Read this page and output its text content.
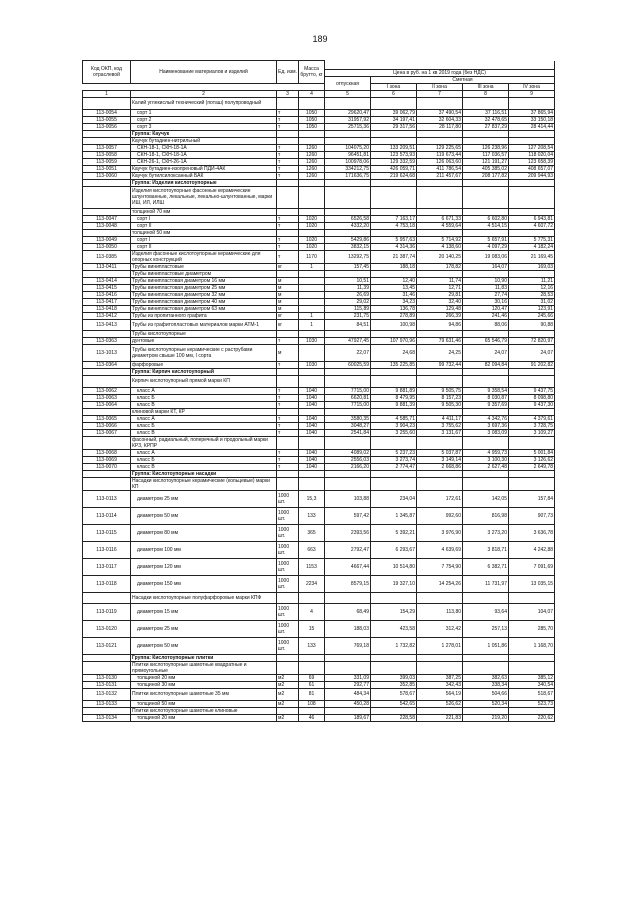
189
Код ОКП, код отраслевой	Наименование материалов и изделий	Ед. изм.	Масса брутто, кг					
				Цена в руб. на 1 кв 2019 года (без НДС)				
				отпускная	Сметная			
					I зона	II зона	III зона	IV зона
1	2	3	4	5	6	7	8	9
	Калий углекислый технический (поташ) полупроводный							
113-0054	сорт 1	т	1050	29620,47	39 062,79	37 490,54	37 116,51	37 865,94
113-0055	сорт 2	т	1050	31957,92	34 197,41	32 604,33	32 478,65	33 150,18
113-0056	сорт 3	т	1050	25715,36	29 317,56	28 117,80	27 837,29	28 414,44
	Группа: Каучук							
	Каучук бутадиен-нитрильный							
113-0057	СКН-18-1, СКН-18-1А	т	1260	104075,20	133 209,51	129 225,65	126 238,96	127 208,54
113-0058	СКН-18-1, СКН-18-1А	т	1260	96451,81	123 573,93	119 673,44	117 036,57	118 020,04
113-0059	СКН-26-1, СКН-26-1А	т	1260	100978,06	129 332,59	126 063,60	121 191,27	123 658,39
113-0051	Каучук бутадиен-изопреновый ПДИ-4АК	т	1260	334212,75	426 059,71	411 786,54	405 385,02	408 657,07
113-0060	Каучук бутилсилоксанный БАК	т	1260	171636,75	219 624,68	211 457,67	208 177,82	209 944,93
	Группа: Изделия кислотоупорные							
	Изделия кислотоупорные фасонные керамические шлунтованные, лекальные, лекально-шлунтованные, марки ИШ, ИЛ, ИЛШ							
	толщиной 70 мм							
113-0047	сорт I	т	1020	6526,58	7 163,17	6 671,33	6 602,80	6 943,81
113-0048	сорт II	т	1020	4332,20	4 753,18	4 559,64	4 514,15	4 607,72
	толщиной 50 мм							
113-0049	сорт I	т	1020	5429,86	5 957,63	5 714,92	5 657,91	5 775,31
113-0050	сорт II	т	1020	3832,15	4 314,36	4 138,60	4 097,29	4 182,24
113-0385	Изделия фасонные кислотоупорные керамические для опорных конструкций	т	1170	13292,75	21 387,74	20 140,25	19 083,06	21 169,45
113-0411	Трубы винипластовые	кг	1	157,45	188,18	178,82	164,07	169,03
	Трубы винипластовые диаметром							
113-0414	Трубы винипластовая диаметром 16 мм	м		10,51	12,40	11,74	10,90	11,21
113-0415	Трубы винипластовая диаметром 25 мм	м		11,39	13,45	12,71	11,83	12,16
113-0416	Трубы винипластовая диаметром 32 мм	м		26,69	31,46	29,81	27,74	28,53
113-0417	Трубы винипластовая диаметром 40 мм	м		29,02	34,23	32,40	30,16	31,02
113-0418	Трубы винипластовая диаметром 63 мм	м		115,89	136,78	129,48	120,47	123,91
113-0412	Трубы из пропитанного графита	кг	1	231,75	278,89	266,39	241,46	245,66
113-0413	Трубы из графитопластовых материалов марки АТМ-1	кг	1	84,51	100,98	94,86	88,06	90,88
	Трубы кислотоупорные							
113-0363	дунтовые	т	1030	47927,45	107 970,96	79 631,46	65 546,79	72 820,97
113-1013	Трубы кислотоупорные керамические с раструбами диаметром свыше 100 мм, I сорта	м		22,07	24,68	24,25	24,07	24,07
113-0364	фарфоровые	т	1030	60025,59	135 225,85	99 732,44	82 094,84	91 202,82
	Группа: Кирпич кислотоупорный							
	Кирпич кислотоупорный прямой марки КП							
113-0062	класс А	т	1040	7715,00	9 881,89	9 505,75	9 358,54	9 437,75
113-0063	класс Б	т	1040	6620,81	8 479,95	8 157,23	8 030,87	8 098,80
113-0064	класс В	т	1040	7715,00	9 881,39	9 505,30	9 357,69	9 437,30
	клиновой марки КТ, КР							
113-0065	класс А	т	1040	3580,35	4 585,71	4 411,17	4 342,76	4 379,61
113-0066	класс Б	т	1040	3048,27	3 904,23	3 755,62	3 697,36	3 728,75
113-0067	класс В	т	1040	2541,84	3 255,60	3 131,67	3 083,09	3 109,27
	фасонный, радиальный, поперечный и продольный марки КРЗ, КРПР							
113-0068	класс А	т	1040	4089,02	5 237,23	5 037,87	4 959,73	5 001,84
113-0069	класс Б	т	1040	2556,03	3 273,74	3 149,14	3 100,30	3 126,62
113-0070	класс В	т	1040	2166,20	2 774,47	2 668,86	2 627,48	2 649,78
	Группа: Кислотоупорные насадки							
	Насадки кислотоупорные керамические (кольцевые) марки КП							
113-0113	диаметром 25 мм	1000 шт.	15,3	103,88	234,04	172,61	142,05	157,84
113-0114	диаметром 50 мм	1000 шт.	133	597,42	1 345,87	992,60	816,98	907,73
113-0115	диаметром 80 мм	1000 шт.	365	2393,56	5 392,21	3 976,90	3 273,20	3 636,78
113-0116	диаметром 100 мм	1000 шт.	663	2792,47	6 293,67	4 639,69	3 818,71	4 242,88
113-0117	диаметром 120 мм	1000 шт.	1153	4667,44	10 514,80	7 754,90	6 382,71	7 091,69
113-0118	диаметром 150 мм	1000 шт.	2234	8579,15	19 327,10	14 254,26	11 731,97	13 035,15
	Насадки кислотоупорные полуфарфоровые марки КПФ							
113-0119	диаметром 15 мм	1000 шт.	4	68,49	154,29	113,80	93,64	104,07
113-0120	диаметром 25 мм	1000 шт.	15	188,03	423,58	312,42	257,13	285,70
113-0121	диаметром 50 мм	1000 шт.	133	769,18	1 732,82	1 278,01	1 051,86	1 168,70
	Группа: Кислотоупорные плитки							
	Плитки кислотоупорные шамотные квадратные и прямоугольные							
113-0130	толщиной 20 мм	м2	69	331,09	399,03	387,25	382,63	385,12
113-0131	толщиной 30 мм	м2	61	292,77	352,85	342,43	338,34	340,54
113-0132	Плитки кислотоупорные шамотные 35 мм	м2	81	484,34	578,67	564,19	504,66	518,67
113-0133	толщиной 50 мм	м2	108	450,28	542,65	526,62	520,34	523,73
	Плитки кислотоупорные шамотные клиновые							
113-0134	толщиной 20 мм	м2	46	189,67	228,58	221,83	219,20	220,62
